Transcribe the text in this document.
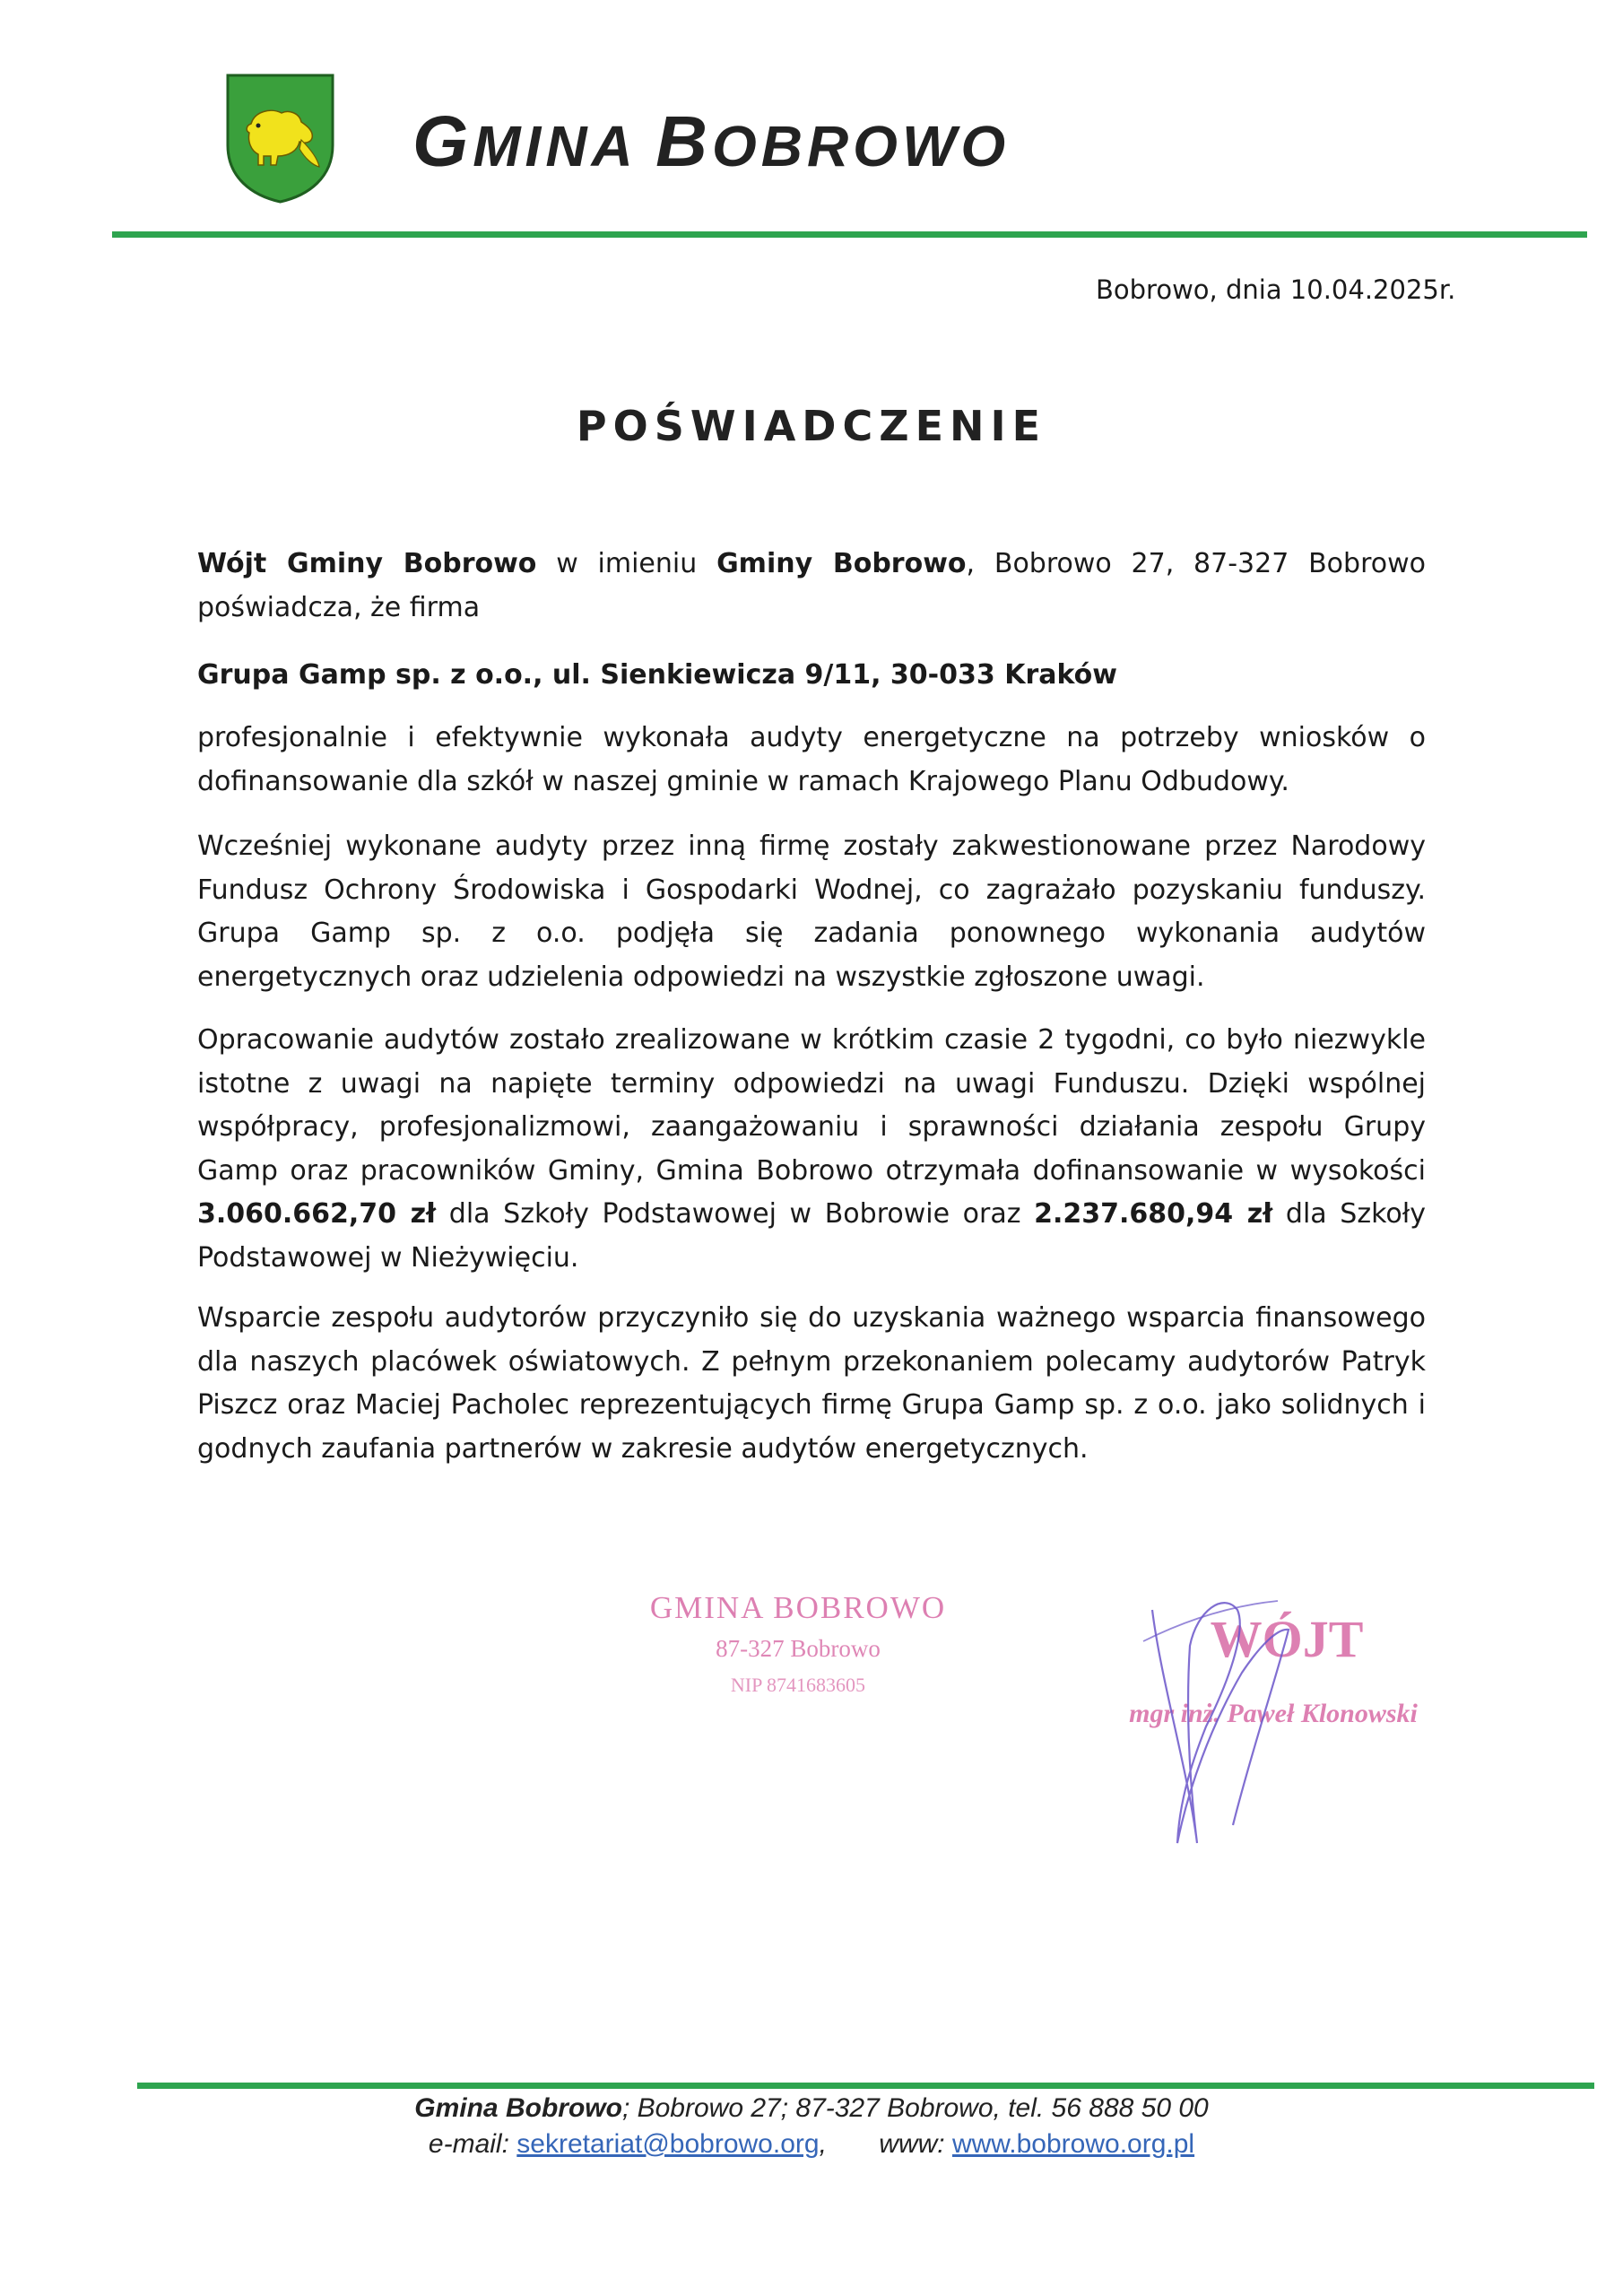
GMINA BOBROWO
Bobrowo, dnia 10.04.2025r.
POŚWIADCZENIE
Wójt Gminy Bobrowo w imieniu Gminy Bobrowo, Bobrowo 27, 87-327 Bobrowo poświadcza, że firma
Grupa Gamp sp. z o.o., ul. Sienkiewicza 9/11, 30-033 Kraków
profesjonalnie i efektywnie wykonała audyty energetyczne na potrzeby wniosków o dofinansowanie dla szkół w naszej gminie w ramach Krajowego Planu Odbudowy.
Wcześniej wykonane audyty przez inną firmę zostały zakwestionowane przez Narodowy Fundusz Ochrony Środowiska i Gospodarki Wodnej, co zagrażało pozyskaniu funduszy. Grupa Gamp sp. z o.o. podjęła się zadania ponownego wykonania audytów energetycznych oraz udzielenia odpowiedzi na wszystkie zgłoszone uwagi.
Opracowanie audytów zostało zrealizowane w krótkim czasie 2 tygodni, co było niezwykle istotne z uwagi na napięte terminy odpowiedzi na uwagi Funduszu. Dzięki wspólnej współpracy, profesjonalizmowi, zaangażowaniu i sprawności działania zespołu Grupy Gamp oraz pracowników Gminy, Gmina Bobrowo otrzymała dofinansowanie w wysokości 3.060.662,70 zł dla Szkoły Podstawowej w Bobrowie oraz 2.237.680,94 zł dla Szkoły Podstawowej w Nieżywięciu.
Wsparcie zespołu audytorów przyczyniło się do uzyskania ważnego wsparcia finansowego dla naszych placówek oświatowych. Z pełnym przekonaniem polecamy audytorów Patryk Piszcz oraz Maciej Pacholec reprezentujących firmę Grupa Gamp sp. z o.o. jako solidnych i godnych zaufania partnerów w zakresie audytów energetycznych.
GMINA BOBROWO
87-327 Bobrowo
NIP 8741683605
WÓJT
mgr inż. Paweł Klonowski
Gmina Bobrowo; Bobrowo 27; 87-327 Bobrowo, tel. 56 888 50 00
e-mail: sekretariat@bobrowo.org, www: www.bobrowo.org.pl
